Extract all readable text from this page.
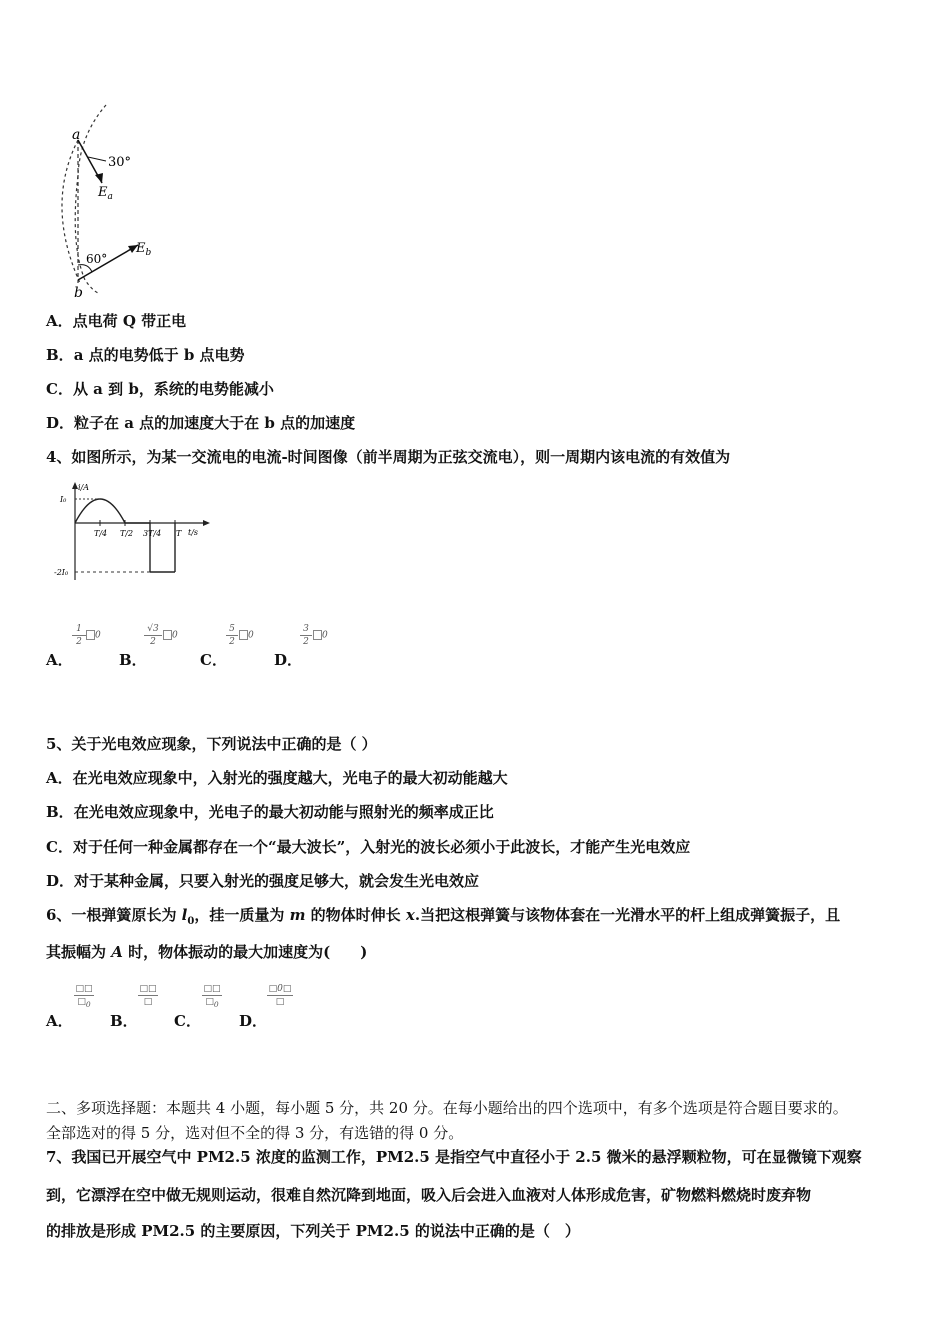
a
b
30°
60°
$E_a$
$E_b$
A．点电荷 Q 带正电
B．a 点的电势低于 b 点电势
C．从 a 到 b，系统的电势能减小
D．粒子在 a 点的加速度大于在 b 点的加速度
4、如图所示，为某一交流电的电流-时间图像（前半周期为正弦交流电），则一周期内该电流的有效值为
i/A
t/s
I₀
-2I₀
T/4 T/2 3T/4 T
A．
1
2
0
B．
√3
2
0
C．
5
2
0
D．
3
2
0
5、关于光电效应现象，下列说法中正确的是（ ）
A．在光电效应现象中，入射光的强度越大，光电子的最大初动能越大
B．在光电效应现象中，光电子的最大初动能与照射光的频率成正比
C．对于任何一种金属都存在一个“最大波长”，入射光的波长必须小于此波长，才能产生光电效应
D．对于某种金属，只要入射光的强度足够大，就会发生光电效应
6、一根弹簧原长为 $l_0$，挂一质量为 m 的物体时伸长 x.当把这根弹簧与该物体套在一光滑水平的杆上组成弹簧振子，且
其振幅为 A 时，物体振动的最大加速度为(　　)
A．
□□
$□_0$
B．
□□
□
C．
□□
$□_0$
D．
□0□
□
二、多项选择题：本题共 4 小题，每小题 5 分，共 20 分。在每小题给出的四个选项中，有多个选项是符合题目要求的。
全部选对的得 5 分，选对但不全的得 3 分，有选错的得 0 分。
7、我国已开展空气中 PM2.5 浓度的监测工作，PM2.5 是指空气中直径小于 2.5 微米的悬浮颗粒物，可在显微镜下观察
到，它漂浮在空中做无规则运动，很难自然沉降到地面，吸入后会进入血液对人体形成危害，矿物燃料燃烧时废弃物
的排放是形成 PM2.5 的主要原因，下列关于 PM2.5 的说法中正确的是（　）
